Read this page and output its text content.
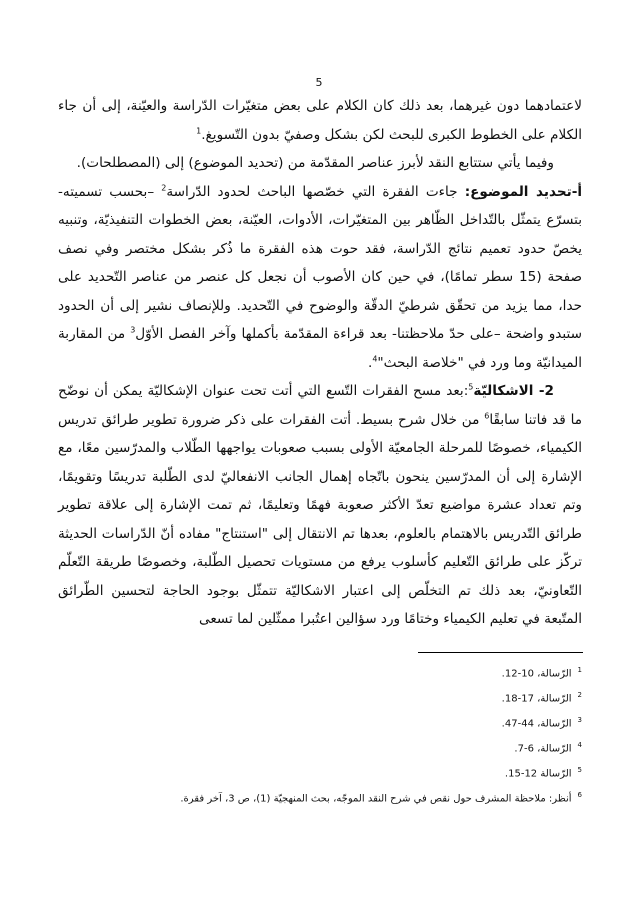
5

لاعتمادهما دون غيرهما، بعد ذلك كان الكلام على بعض متغيّرات الدّراسة والعيّنة، إلى أن جاء الكلام على الخطوط الكبرى للبحث لكن بشكل وصفيّ بدون التّسويغ.$^1$

وفيما يأتي ستتابع النقد لأبرز عناصر المقدّمة من (تحديد الموضوع) إلى (المصطلحات).

أ-تحديد الموضوع: جاءت الفقرة التي خصّصها الباحث لحدود الدّراسة$^2$ –بحسب تسميته- بتسرّع يتمثّل بالتّداخل الظّاهر بين المتغيّرات، الأدوات، العيّنة، بعض الخطوات التنفيذيّة، وتنبيه يخصّ حدود تعميم نتائج الدّراسة، فقد حوت هذه الفقرة ما ذُكر بشكل مختصر وفي نصف صفحة (15 سطر تمامًا)، في حين كان الأصوب أن نجعل كل عنصر من عناصر التّحديد على حدا، مما يزيد من تحقّق شرطيّ الدقّة والوضوح في التّحديد. وللإنصاف نشير إلى أن الحدود ستبدو واضحة –على حدّ ملاحظتنا- بعد قراءة المقدّمة بأكملها وآخر الفصل الأوّل$^3$ من المقاربة الميدانيّة وما ورد في "خلاصة البحث"$^4$.

2- الاشكاليّة$^5$:بعد مسح الفقرات التّسع التي أتت تحت عنوان الإشكاليّة يمكن أن نوضّح ما قد فاتنا سابقًا$^6$ من خلال شرح بسيط. أتت الفقرات على ذكر ضرورة تطوير طرائق تدريس الكيمياء، خصوصًا للمرحلة الجامعيّة الأولى بسبب صعوبات يواجهها الطّلاب والمدرّسين معًا، مع الإشارة إلى أن المدرّسين ينحون باتّجاه إهمال الجانب الانفعاليّ لدى الطّلبة تدريسًا وتقويمًا، وتم تعداد عشرة مواضيع تعدّ الأكثر صعوبة فهمًا وتعليمًا، ثم تمت الإشارة إلى علاقة تطوير طرائق التّدريس بالاهتمام بالعلوم، بعدها تم الانتقال إلى "استنتاج" مفاده أنّ الدّراسات الحديثة تركّز على طرائق التّعليم كأسلوب يرفع من مستويات تحصيل الطّلبة، وخصوصًا طريقة التّعلّم التّعاونيّ، بعد ذلك تم التخلّص إلى اعتبار الاشكاليّة تتمثّل بوجود الحاجة لتحسين الطّرائق المتّبعة في تعليم الكيمياء وختامًا ورد سؤالين اعتُبرا ممثّلين لما تسعى

$^1$الرّسالة، 10-12.
$^2$الرّسالة، 17-18.
$^3$الرّسالة، 44-47.
$^4$الرّسالة، 6-7.
$^5$الرّسالة 12-15.
$^6$أنظر: ملاحظة المشرف حول نقص في شرح النقد الموجّه، بحث المنهجيّة (1)، ص 3، آخر فقرة.
